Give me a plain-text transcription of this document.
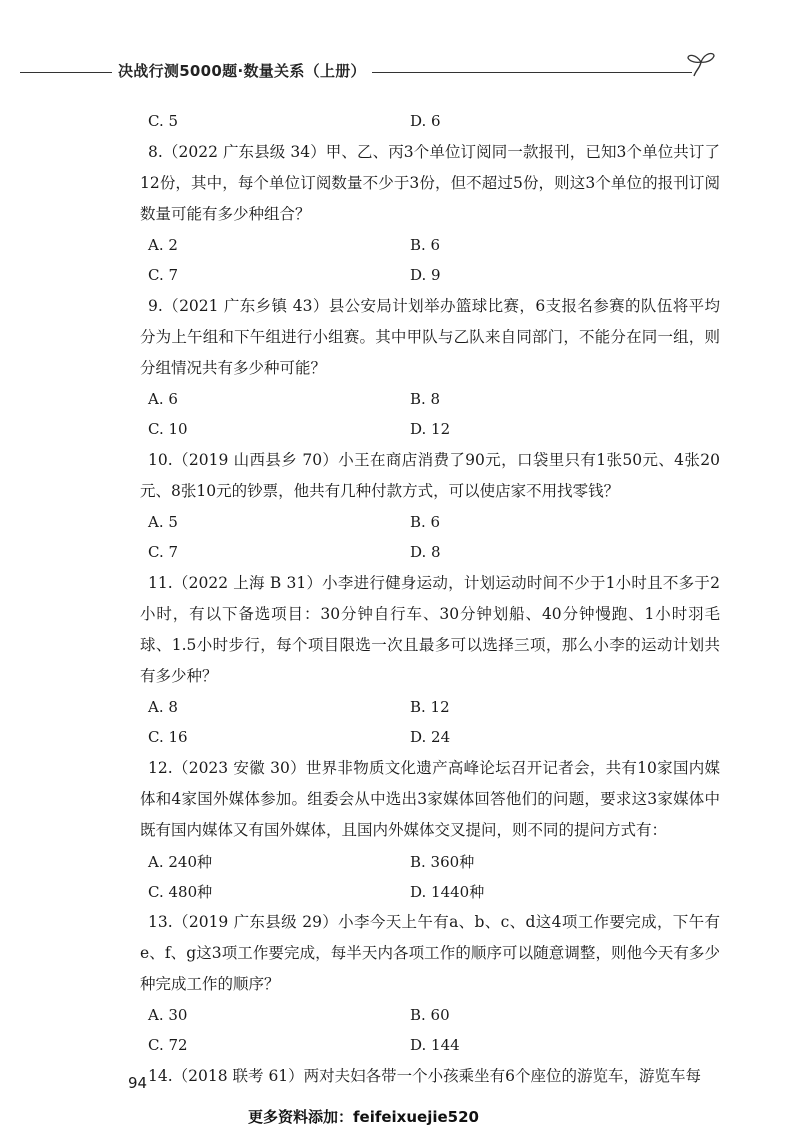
决战行测5000题·数量关系（上册）
C. 5	D. 6
8.（2022 广东县级 34）甲、乙、丙3个单位订阅同一款报刊，已知3个单位共订了12份，其中，每个单位订阅数量不少于3份，但不超过5份，则这3个单位的报刊订阅数量可能有多少种组合？
A. 2	B. 6
C. 7	D. 9
9.（2021 广东乡镇 43）县公安局计划举办篮球比赛，6支报名参赛的队伍将平均分为上午组和下午组进行小组赛。其中甲队与乙队来自同部门，不能分在同一组，则分组情况共有多少种可能？
A. 6	B. 8
C. 10	D. 12
10.（2019 山西县乡 70）小王在商店消费了90元，口袋里只有1张50元、4张20元、8张10元的钞票，他共有几种付款方式，可以使店家不用找零钱？
A. 5	B. 6
C. 7	D. 8
11.（2022 上海 B 31）小李进行健身运动，计划运动时间不少于1小时且不多于2小时，有以下备选项目：30分钟自行车、30分钟划船、40分钟慢跑、1小时羽毛球、1.5小时步行，每个项目限选一次且最多可以选择三项，那么小李的运动计划共有多少种？
A. 8	B. 12
C. 16	D. 24
12.（2023 安徽 30）世界非物质文化遗产高峰论坛召开记者会，共有10家国内媒体和4家国外媒体参加。组委会从中选出3家媒体回答他们的问题，要求这3家媒体中既有国内媒体又有国外媒体，且国内外媒体交叉提问，则不同的提问方式有：
A. 240种	B. 360种
C. 480种	D. 1440种
13.（2019 广东县级 29）小李今天上午有a、b、c、d这4项工作要完成，下午有e、f、g这3项工作要完成，每半天内各项工作的顺序可以随意调整，则他今天有多少种完成工作的顺序？
A. 30	B. 60
C. 72	D. 144
14.（2018 联考 61）两对夫妇各带一个小孩乘坐有6个座位的游览车，游览车每
94
更多资料添加：feifeixuejie520
